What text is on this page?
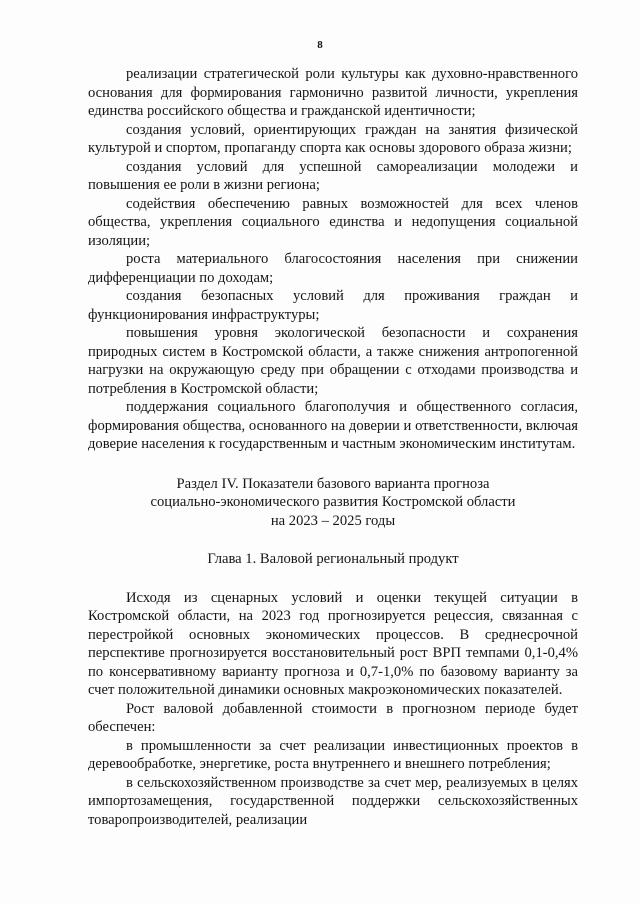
8

реализации стратегической роли культуры как духовно-нравственного основания для формирования гармонично развитой личности, укрепления единства российского общества и гражданской идентичности;

создания условий, ориентирующих граждан на занятия физической культурой и спортом, пропаганду спорта как основы здорового образа жизни;

создания условий для успешной самореализации молодежи и повышения ее роли в жизни региона;

содействия обеспечению равных возможностей для всех членов общества, укрепления социального единства и недопущения социальной изоляции;

роста материального благосостояния населения при снижении дифференциации по доходам;

создания безопасных условий для проживания граждан и функционирования инфраструктуры;

повышения уровня экологической безопасности и сохранения природных систем в Костромской области, а также снижения антропогенной нагрузки на окружающую среду при обращении с отходами производства и потребления в Костромской области;

поддержания социального благополучия и общественного согласия, формирования общества, основанного на доверии и ответственности, включая доверие населения к государственным и частным экономическим институтам.

Раздел IV. Показатели базового варианта прогноза
социально-экономического развития Костромской области
на 2023 – 2025 годы
Глава 1. Валовой региональный продукт

Исходя из сценарных условий и оценки текущей ситуации в Костромской области, на 2023 год прогнозируется рецессия, связанная с перестройкой основных экономических процессов. В среднесрочной перспективе прогнозируется восстановительный рост ВРП темпами 0,1-0,4% по консервативному варианту прогноза и 0,7-1,0% по базовому варианту за счет положительной динамики основных макроэкономических показателей.

Рост валовой добавленной стоимости в прогнозном периоде будет обеспечен:

в промышленности за счет реализации инвестиционных проектов в деревообработке, энергетике, роста внутреннего и внешнего потребления;

в сельскохозяйственном производстве за счет мер, реализуемых в целях импортозамещения, государственной поддержки сельскохозяйственных товаропроизводителей, реализации
